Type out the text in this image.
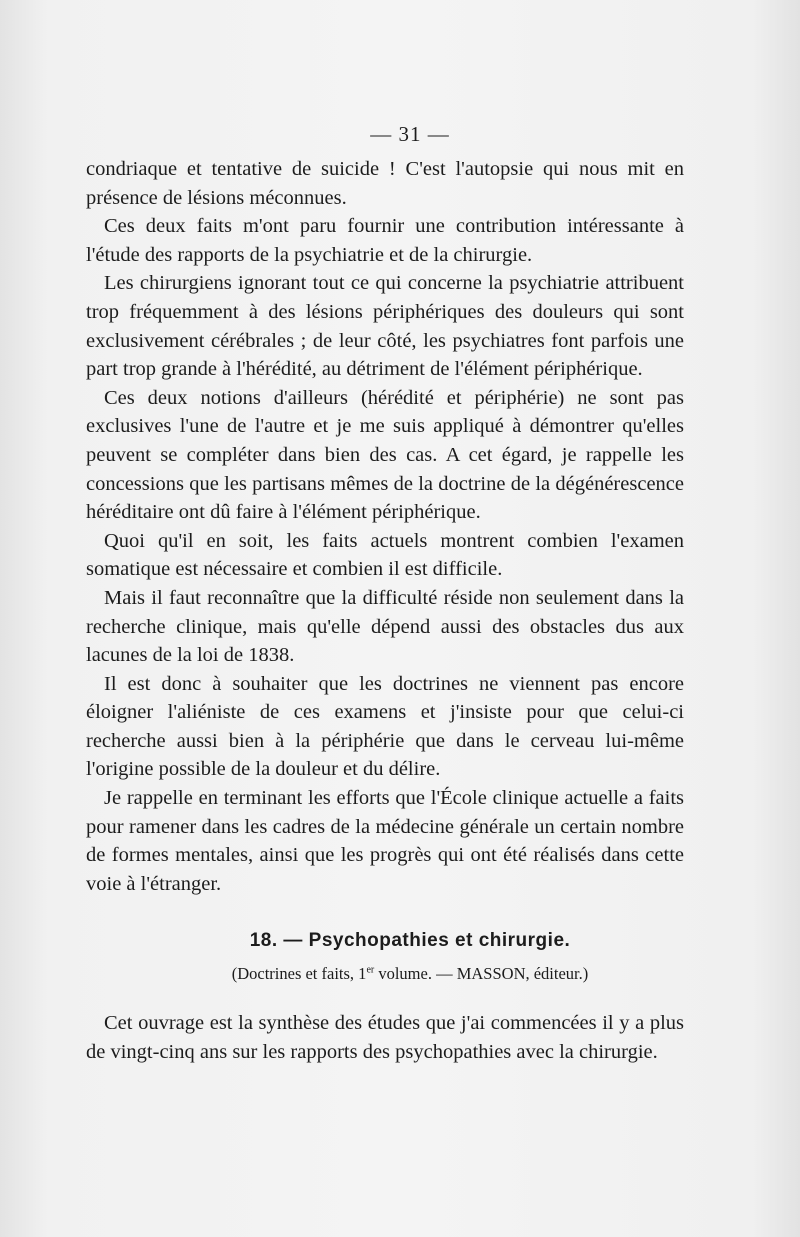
— 31 —

condriaque et tentative de suicide ! C'est l'autopsie qui nous mit en présence de lésions méconnues.

Ces deux faits m'ont paru fournir une contribution intéressante à l'étude des rapports de la psychiatrie et de la chirurgie.

Les chirurgiens ignorant tout ce qui concerne la psychiatrie attribuent trop fréquemment à des lésions périphériques des douleurs qui sont exclusivement cérébrales ; de leur côté, les psychiatres font parfois une part trop grande à l'hérédité, au détriment de l'élément périphérique.

Ces deux notions d'ailleurs (hérédité et périphérie) ne sont pas exclusives l'une de l'autre et je me suis appliqué à démontrer qu'elles peuvent se compléter dans bien des cas. A cet égard, je rappelle les concessions que les partisans mêmes de la doctrine de la dégénérescence héréditaire ont dû faire à l'élément périphérique.

Quoi qu'il en soit, les faits actuels montrent combien l'examen somatique est nécessaire et combien il est difficile.

Mais il faut reconnaître que la difficulté réside non seulement dans la recherche clinique, mais qu'elle dépend aussi des obstacles dus aux lacunes de la loi de 1838.

Il est donc à souhaiter que les doctrines ne viennent pas encore éloigner l'aliéniste de ces examens et j'insiste pour que celui-ci recherche aussi bien à la périphérie que dans le cerveau lui-même l'origine possible de la douleur et du délire.

Je rappelle en terminant les efforts que l'École clinique actuelle a faits pour ramener dans les cadres de la médecine générale un certain nombre de formes mentales, ainsi que les progrès qui ont été réalisés dans cette voie à l'étranger.

18. — Psychopathies et chirurgie.
(Doctrines et faits, 1er volume. — MASSON, éditeur.)

Cet ouvrage est la synthèse des études que j'ai commencées il y a plus de vingt-cinq ans sur les rapports des psychopathies avec la chirurgie.
